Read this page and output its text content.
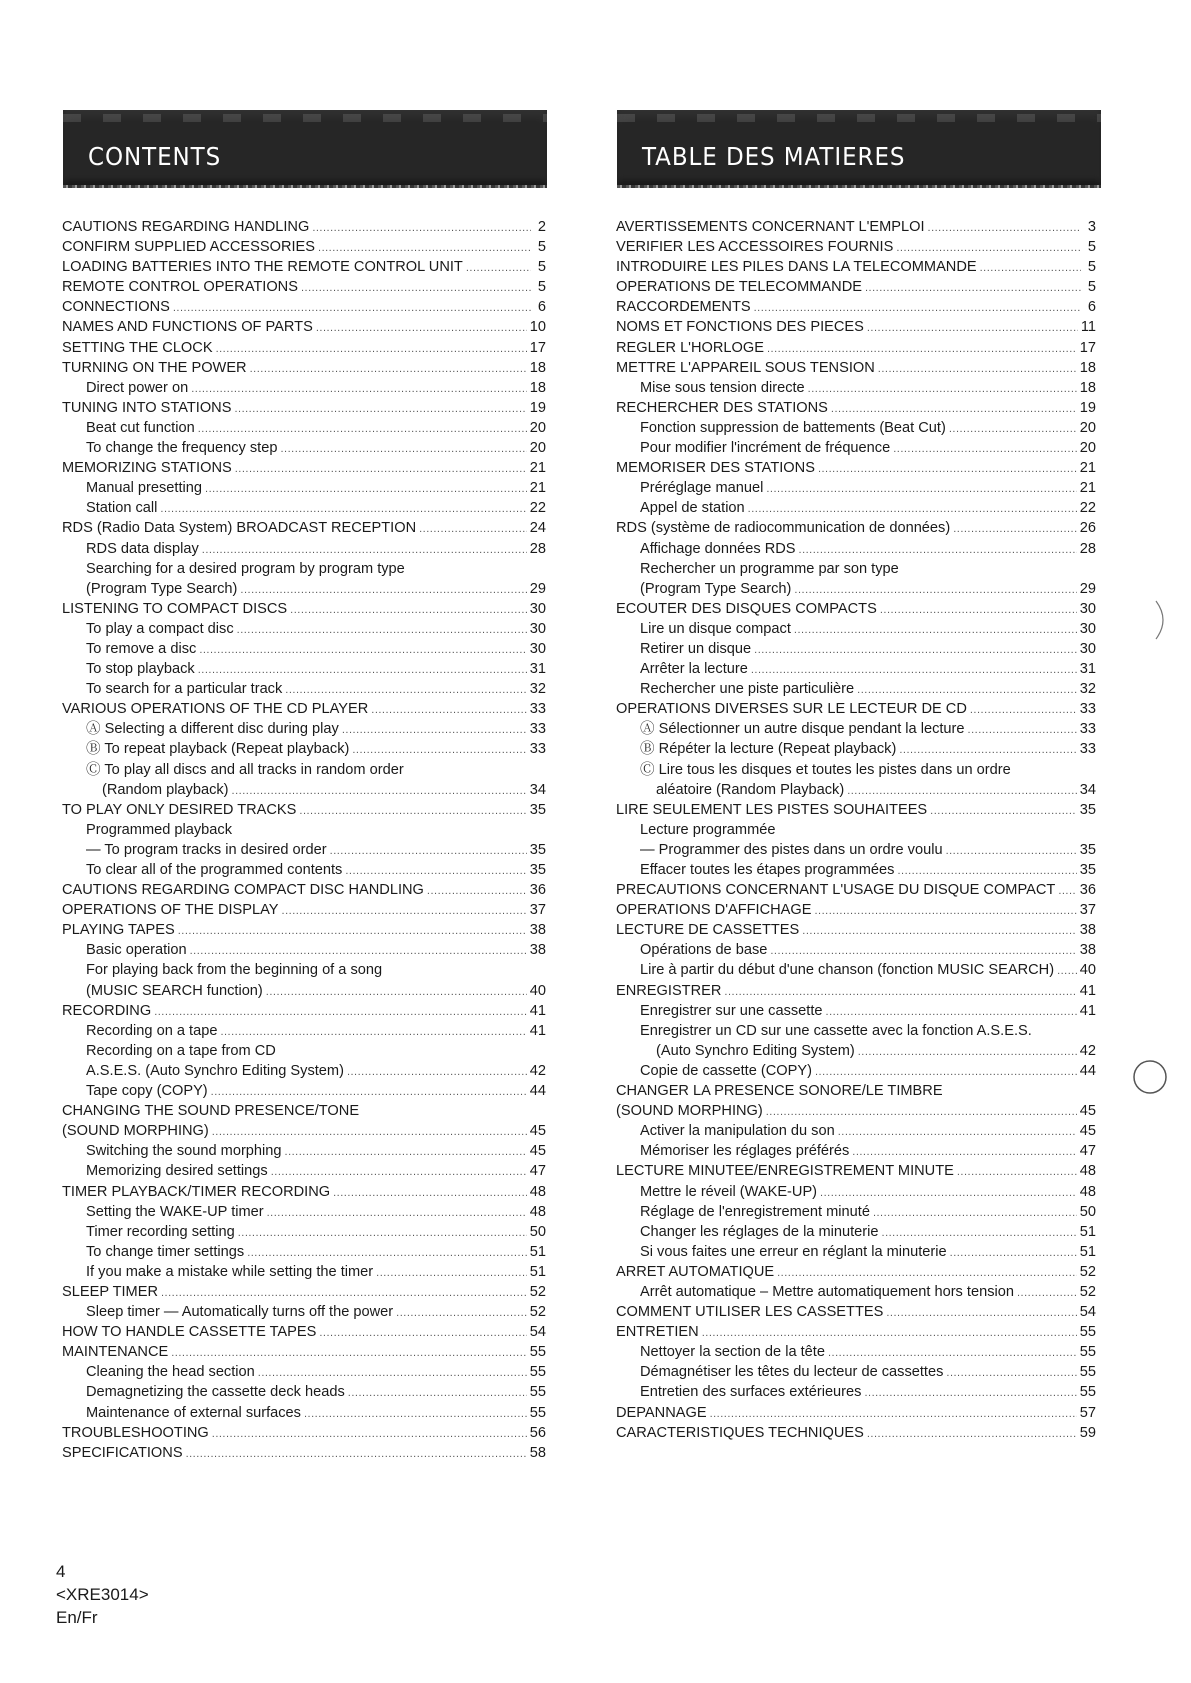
CONTENTS	TABLE DES MATIERES
CAUTIONS REGARDING HANDLING .....	2
CONFIRM SUPPLIED ACCESSORIES .....	5
LOADING BATTERIES INTO THE REMOTE CONTROL UNIT .....	5
REMOTE CONTROL OPERATIONS .....	5
CONNECTIONS .....	6
NAMES AND FUNCTIONS OF PARTS .....	10
SETTING THE CLOCK .....	17
TURNING ON THE POWER .....	18
Direct power on .....	18
TUNING INTO STATIONS .....	19
Beat cut function .....	20
To change the frequency step .....	20
MEMORIZING STATIONS .....	21
Manual presetting .....	21
Station call .....	22
RDS (Radio Data System) BROADCAST RECEPTION .....	24
RDS data display .....	28
Searching for a desired program by program type
(Program Type Search) .....	29
LISTENING TO COMPACT DISCS .....	30
To play a compact disc .....	30
To remove a disc .....	30
To stop playback .....	31
To search for a particular track .....	32
VARIOUS OPERATIONS OF THE CD PLAYER .....	33
Ⓐ Selecting a different disc during play .....	33
Ⓑ To repeat playback (Repeat playback) .....	33
Ⓒ To play all discs and all tracks in random order
(Random playback) .....	34
TO PLAY ONLY DESIRED TRACKS .....	35
Programmed playback
— To program tracks in desired order .....	35
To clear all of the programmed contents .....	35
CAUTIONS REGARDING COMPACT DISC HANDLING .....	36
OPERATIONS OF THE DISPLAY .....	37
PLAYING TAPES .....	38
Basic operation .....	38
For playing back from the beginning of a song
(MUSIC SEARCH function) .....	40
RECORDING .....	41
Recording on a tape .....	41
Recording on a tape from CD
A.S.E.S. (Auto Synchro Editing System) .....	42
Tape copy (COPY) .....	44
CHANGING THE SOUND PRESENCE/TONE
(SOUND MORPHING) .....	45
Switching the sound morphing .....	45
Memorizing desired settings .....	47
TIMER PLAYBACK/TIMER RECORDING .....	48
Setting the WAKE-UP timer .....	48
Timer recording setting .....	50
To change timer settings .....	51
If you make a mistake while setting the timer .....	51
SLEEP TIMER .....	52
Sleep timer — Automatically turns off the power .....	52
HOW TO HANDLE CASSETTE TAPES .....	54
MAINTENANCE .....	55
Cleaning the head section .....	55
Demagnetizing the cassette deck heads .....	55
Maintenance of external surfaces .....	55
TROUBLESHOOTING .....	56
SPECIFICATIONS .....	58
AVERTISSEMENTS CONCERNANT L'EMPLOI .....	3
VERIFIER LES ACCESSOIRES FOURNIS .....	5
INTRODUIRE LES PILES DANS LA TELECOMMANDE .....	5
OPERATIONS DE TELECOMMANDE .....	5
RACCORDEMENTS .....	6
NOMS ET FONCTIONS DES PIECES .....	11
REGLER L'HORLOGE .....	17
METTRE L'APPAREIL SOUS TENSION .....	18
Mise sous tension directe .....	18
RECHERCHER DES STATIONS .....	19
Fonction suppression de battements (Beat Cut) .....	20
Pour modifier l'incrément de fréquence .....	20
MEMORISER DES STATIONS .....	21
Préréglage manuel .....	21
Appel de station .....	22
RDS (système de radiocommunication de données) .....	26
Affichage données RDS .....	28
Rechercher un programme par son type
(Program Type Search) .....	29
ECOUTER DES DISQUES COMPACTS .....	30
Lire un disque compact .....	30
Retirer un disque .....	30
Arrêter la lecture .....	31
Rechercher une piste particulière .....	32
OPERATIONS DIVERSES SUR LE LECTEUR DE CD .....	33
Ⓐ Sélectionner un autre disque pendant la lecture .....	33
Ⓑ Répéter la lecture (Repeat playback) .....	33
Ⓒ Lire tous les disques et toutes les pistes dans un ordre
aléatoire (Random Playback) .....	34
LIRE SEULEMENT LES PISTES SOUHAITEES .....	35
Lecture programmée
— Programmer des pistes dans un ordre voulu .....	35
Effacer toutes les étapes programmées .....	35
PRECAUTIONS CONCERNANT L'USAGE DU DISQUE COMPACT ..... 36
OPERATIONS D'AFFICHAGE .....	37
LECTURE DE CASSETTES .....	38
Opérations de base .....	38
Lire à partir du début d'une chanson (fonction MUSIC SEARCH) ..... 40
ENREGISTRER .....	41
Enregistrer sur une cassette .....	41
Enregistrer un CD sur une cassette avec la fonction A.S.E.S.
(Auto Synchro Editing System) .....	42
Copie de cassette (COPY) .....	44
CHANGER LA PRESENCE SONORE/LE TIMBRE
(SOUND MORPHING) .....	45
Activer la manipulation du son .....	45
Mémoriser les réglages préférés .....	47
LECTURE MINUTEE/ENREGISTREMENT MINUTE .....	48
Mettre le réveil (WAKE-UP) .....	48
Réglage de l'enregistrement minuté .....	50
Changer les réglages de la minuterie .....	51
Si vous faites une erreur en réglant la minuterie .....	51
ARRET AUTOMATIQUE .....	52
Arrêt automatique – Mettre automatiquement hors tension .....	52
COMMENT UTILISER LES CASSETTES .....	54
ENTRETIEN .....	55
Nettoyer la section de la tête .....	55
Démagnétiser les têtes du lecteur de cassettes .....	55
Entretien des surfaces extérieures .....	55
DEPANNAGE .....	57
CARACTERISTIQUES TECHNIQUES .....	59
4
<XRE3014>
En/Fr
